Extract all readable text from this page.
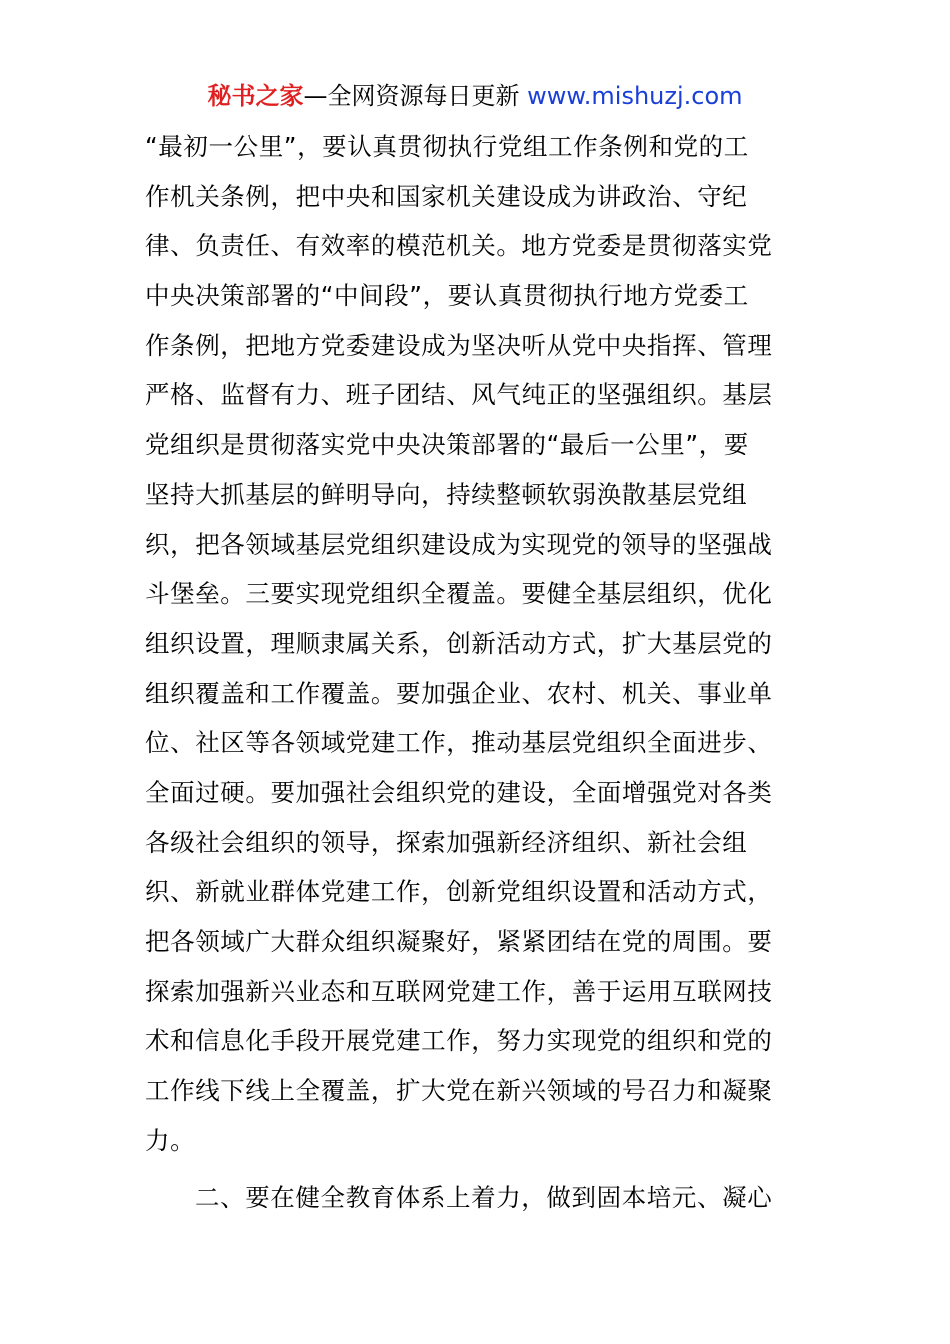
秘书之家—全网资源每日更新 www.mishuzj.com
“最初一公里”，要认真贯彻执行党组工作条例和党的工
作机关条例，把中央和国家机关建设成为讲政治、守纪
律、负责任、有效率的模范机关。地方党委是贯彻落实党
中央决策部署的“中间段”，要认真贯彻执行地方党委工
作条例，把地方党委建设成为坚决听从党中央指挥、管理
严格、监督有力、班子团结、风气纯正的坚强组织。基层
党组织是贯彻落实党中央决策部署的“最后一公里”，要
坚持大抓基层的鲜明导向，持续整顿软弱涣散基层党组
织，把各领域基层党组织建设成为实现党的领导的坚强战
斗堡垒。三要实现党组织全覆盖。要健全基层组织，优化
组织设置，理顺隶属关系，创新活动方式，扩大基层党的
组织覆盖和工作覆盖。要加强企业、农村、机关、事业单
位、社区等各领域党建工作，推动基层党组织全面进步、
全面过硬。要加强社会组织党的建设，全面增强党对各类
各级社会组织的领导，探索加强新经济组织、新社会组
织、新就业群体党建工作，创新党组织设置和活动方式，
把各领域广大群众组织凝聚好，紧紧团结在党的周围。要
探索加强新兴业态和互联网党建工作，善于运用互联网技
术和信息化手段开展党建工作，努力实现党的组织和党的
工作线下线上全覆盖，扩大党在新兴领域的号召力和凝聚
力。
二、要在健全教育体系上着力，做到固本培元、凝心
